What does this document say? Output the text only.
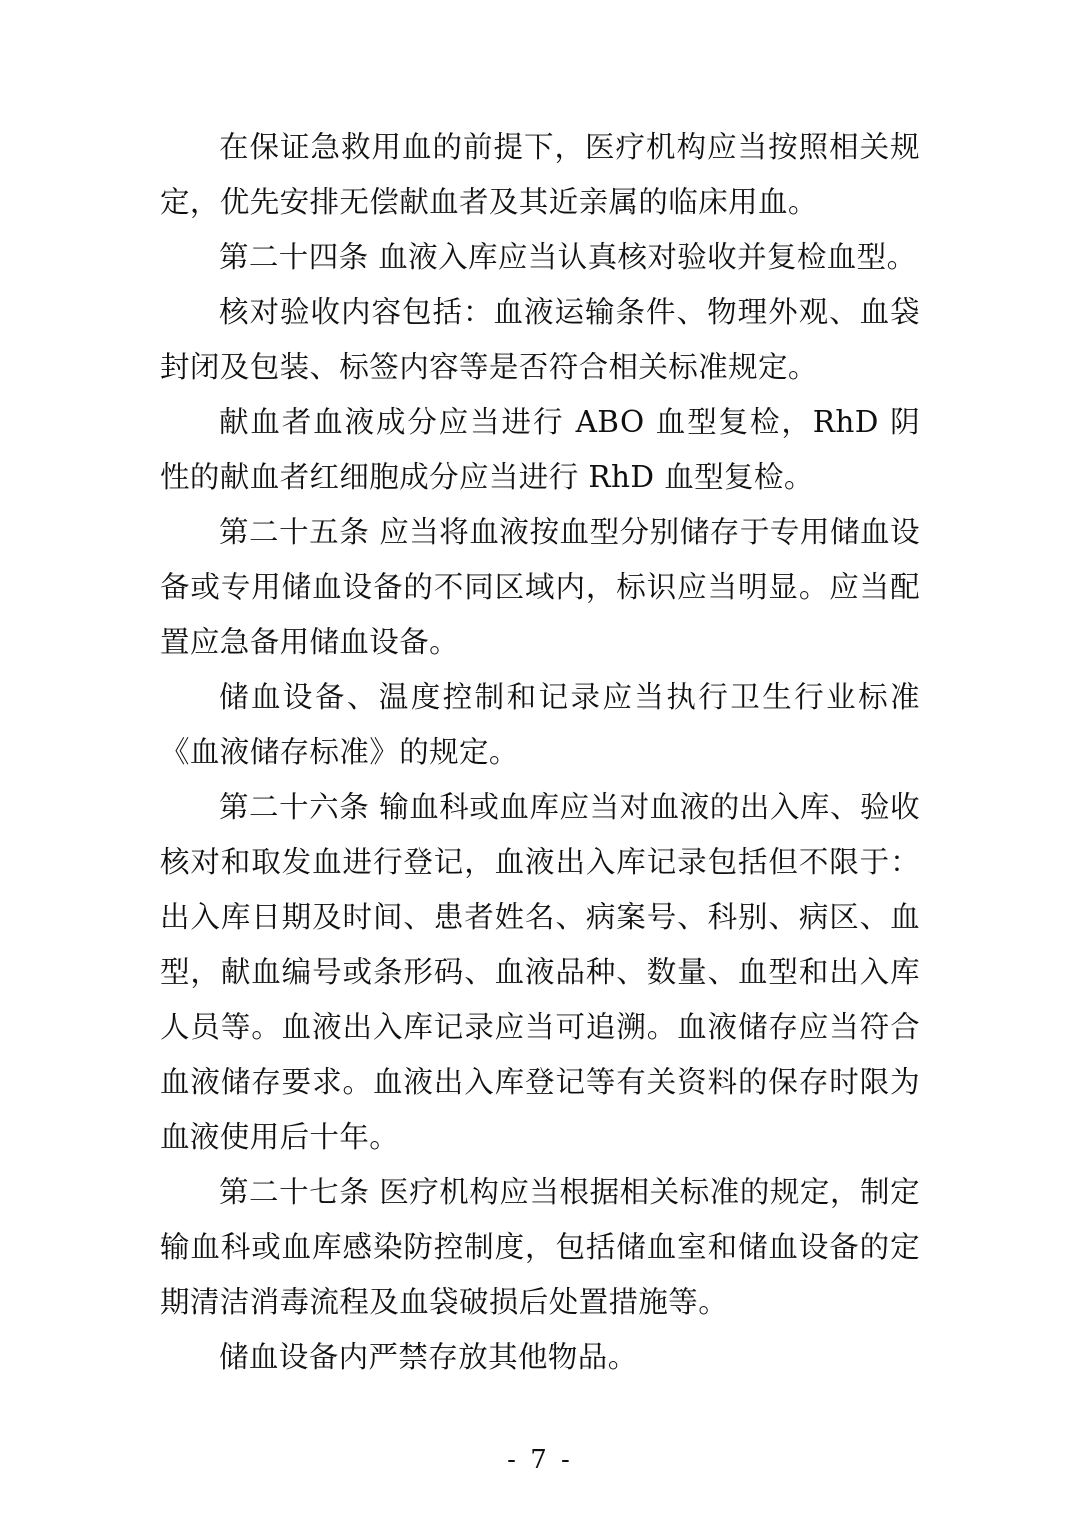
在保证急救用血的前提下，医疗机构应当按照相关规定，优先安排无偿献血者及其近亲属的临床用血。

第二十四条 血液入库应当认真核对验收并复检血型。

核对验收内容包括：血液运输条件、物理外观、血袋封闭及包装、标签内容等是否符合相关标准规定。

献血者血液成分应当进行 ABO 血型复检，RhD 阴性的献血者红细胞成分应当进行 RhD 血型复检。

第二十五条 应当将血液按血型分别储存于专用储血设备或专用储血设备的不同区域内，标识应当明显。应当配置应急备用储血设备。

储血设备、温度控制和记录应当执行卫生行业标准《血液储存标准》的规定。

第二十六条 输血科或血库应当对血液的出入库、验收核对和取发血进行登记，血液出入库记录包括但不限于：出入库日期及时间、患者姓名、病案号、科别、病区、血型，献血编号或条形码、血液品种、数量、血型和出入库人员等。血液出入库记录应当可追溯。血液储存应当符合血液储存要求。血液出入库登记等有关资料的保存时限为血液使用后十年。

第二十七条 医疗机构应当根据相关标准的规定，制定输血科或血库感染防控制度，包括储血室和储血设备的定期清洁消毒流程及血袋破损后处置措施等。

储血设备内严禁存放其他物品。

- 7 -
